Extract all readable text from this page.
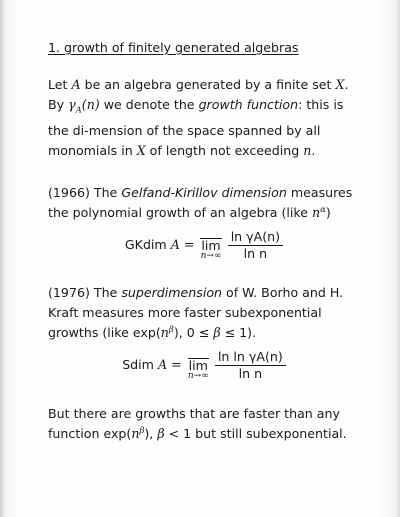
1. growth of finitely generated algebras

Let A be an algebra generated by a finite set X. By $\gamma_A(n)$ we denote the growth function: this is the di-mension of the space spanned by all monomials in X of length not exceeding n.

(1966) The Gelfand-Kirillov dimension measures the polynomial growth of an algebra (like $n^\alpha$)

GKdim A = lim
$n\to\infty \frac{\text{ln γA(n)}}{\text{ln n}}$

(1976) The superdimension of W. Borho and H. Kraft measures more faster subexponential growths (like $\exp(n^\beta)$, 0 ≤ β ≤ 1).

Sdim A = lim
$n\to\infty \frac{\text{ln ln γA(n)}}{\text{ln n}}$

But there are growths that are faster than any function $\exp(n^\beta)$, β < 1 but still subexponential.
